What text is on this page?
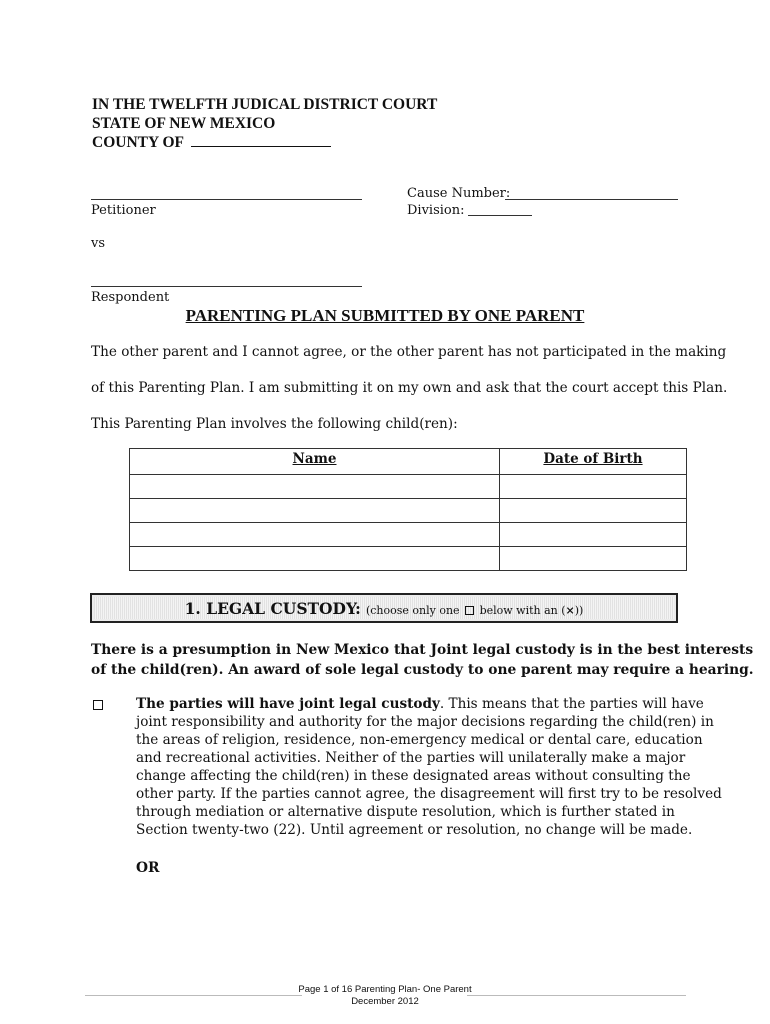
IN THE TWELFTH JUDICAL DISTRICT COURT
STATE OF NEW MEXICO
COUNTY OF
Petitioner
vs
Respondent
Cause Number:
Division:
PARENTING PLAN SUBMITTED BY ONE PARENT
The other parent and I cannot agree, or the other parent has not participated in the making
of this Parenting Plan. I am submitting it on my own and ask that the court accept this Plan.
This Parenting Plan involves the following child(ren):
Name	Date of Birth

1. LEGAL CUSTODY: (choose only one below with an (×))
There is a presumption in New Mexico that Joint legal custody is in the best interests
of the child(ren). An award of sole legal custody to one parent may require a hearing.
The parties will have joint legal custody. This means that the parties will have
joint responsibility and authority for the major decisions regarding the child(ren) in
the areas of religion, residence, non-emergency medical or dental care, education
and recreational activities. Neither of the parties will unilaterally make a major
change affecting the child(ren) in these designated areas without consulting the
other party. If the parties cannot agree, the disagreement will first try to be resolved
through mediation or alternative dispute resolution, which is further stated in
Section twenty-two (22). Until agreement or resolution, no change will be made.
OR
Page 1 of 16 Parenting Plan- One Parent
December 2012
